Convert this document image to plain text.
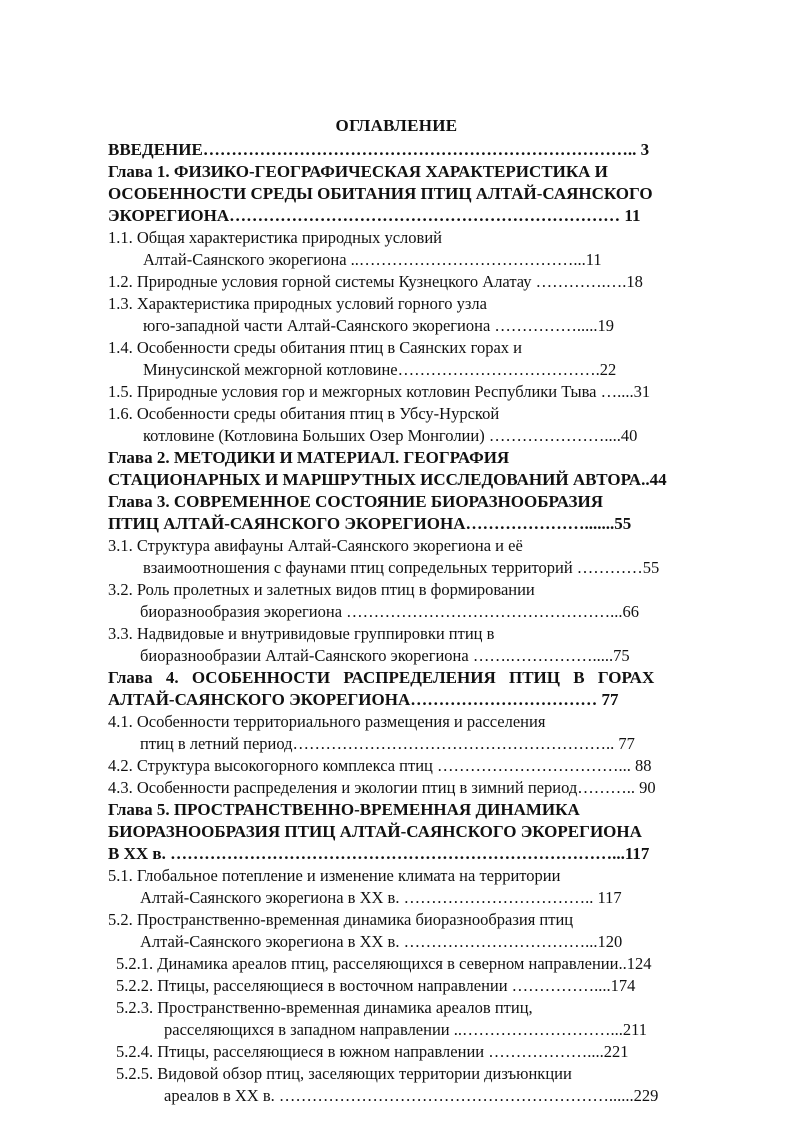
ОГЛАВЛЕНИЕ
ВВЕДЕНИЕ………………………………………………………………….. 3
Глава 1. ФИЗИКО-ГЕОГРАФИЧЕСКАЯ ХАРАКТЕРИСТИКА И
ОСОБЕННОСТИ СРЕДЫ ОБИТАНИЯ ПТИЦ АЛТАЙ-САЯНСКОГО
ЭКОРЕГИОНА…………………………………………………………… 11
1.1. Общая характеристика природных условий
Алтай-Саянского экорегиона ..…………………………………...11
1.2. Природные условия горной системы Кузнецкого Алатау ………….….18
1.3. Характеристика природных условий горного узла
юго-западной части Алтай-Саянского экорегиона …………….....19
1.4. Особенности среды обитания птиц в Саянских горах и
Минусинской межгорной котловине……………………………….22
1.5. Природные условия гор и межгорных котловин Республики Тыва …....31
1.6. Особенности среды обитания птиц в Убсу-Нурской
котловине (Котловина Больших Озер Монголии) …………………....40
Глава 2. МЕТОДИКИ И МАТЕРИАЛ. ГЕОГРАФИЯ
СТАЦИОНАРНЫХ И МАРШРУТНЫХ ИССЛЕДОВАНИЙ АВТОРА..44
Глава 3. СОВРЕМЕННОЕ СОСТОЯНИЕ БИОРАЗНООБРАЗИЯ
ПТИЦ АЛТАЙ-САЯНСКОГО ЭКОРЕГИОНА………………….......55
3.1. Структура авифауны Алтай-Саянского экорегиона и её
взаимоотношения с фаунами птиц сопредельных территорий …………55
3.2. Роль пролетных и залетных видов птиц в формировании
биоразнообразия экорегиона …………………………………………...66
3.3. Надвидовые и внутривидовые группировки птиц в
биоразнообразии Алтай-Саянского экорегиона …….…………….....75
Глава 4. ОСОБЕННОСТИ РАСПРЕДЕЛЕНИЯ ПТИЦ В ГОРАХ
АЛТАЙ-САЯНСКОГО ЭКОРЕГИОНА…………………………… 77
4.1. Особенности территориального размещения и расселения
птиц в летний период………………………………………………….. 77
4.2. Структура высокогорного комплекса птиц ……………………………... 88
4.3. Особенности распределения и экологии птиц в зимний период……….. 90
Глава 5. ПРОСТРАНСТВЕННО-ВРЕМЕННАЯ ДИНАМИКА
БИОРАЗНООБРАЗИЯ ПТИЦ АЛТАЙ-САЯНСКОГО ЭКОРЕГИОНА
В ХХ в. ……………………………………………………………………...117
5.1. Глобальное потепление и изменение климата на территории
Алтай-Саянского экорегиона в ХХ в. …………………………….. 117
5.2. Пространственно-временная динамика биоразнообразия птиц
Алтай-Саянского экорегиона в ХХ в. ……………………………...120
5.2.1. Динамика ареалов птиц, расселяющихся в северном направлении..124
5.2.2. Птицы, расселяющиеся в восточном направлении ……………....174
5.2.3. Пространственно-временная динамика ареалов птиц,
расселяющихся в западном направлении ..………………………...211
5.2.4. Птицы, расселяющиеся в южном направлении ………………....221
5.2.5. Видовой обзор птиц, заселяющих территории дизъюнкции
ареалов в ХХ в. ……………………………………………………......229
